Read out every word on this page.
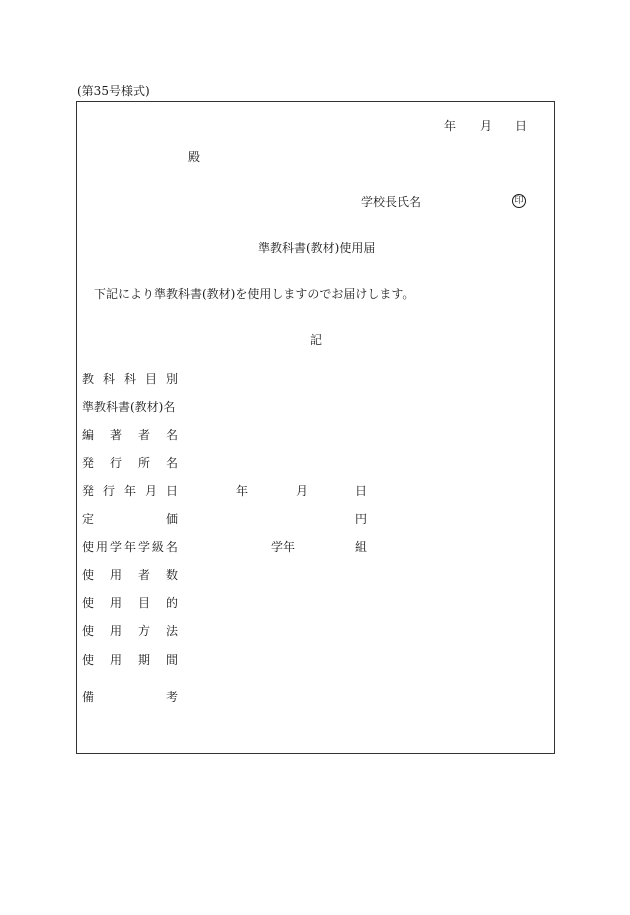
(第35号様式)
年 月 日
殿
学校長氏名	印
準教科書(教材)使用届
下記により準教科書(教材)を使用しますのでお届けします。
記
教 科 科 目 別
準教科書(教材)名
編 著 者 名
発 行 所 名
発 行 年 月 日	年	月	日
定	価	円
使 用 学 年 学 級 名	学年	組
使 用 者 数
使 用 目 的
使 用 方 法
使 用 期 間
備	考
